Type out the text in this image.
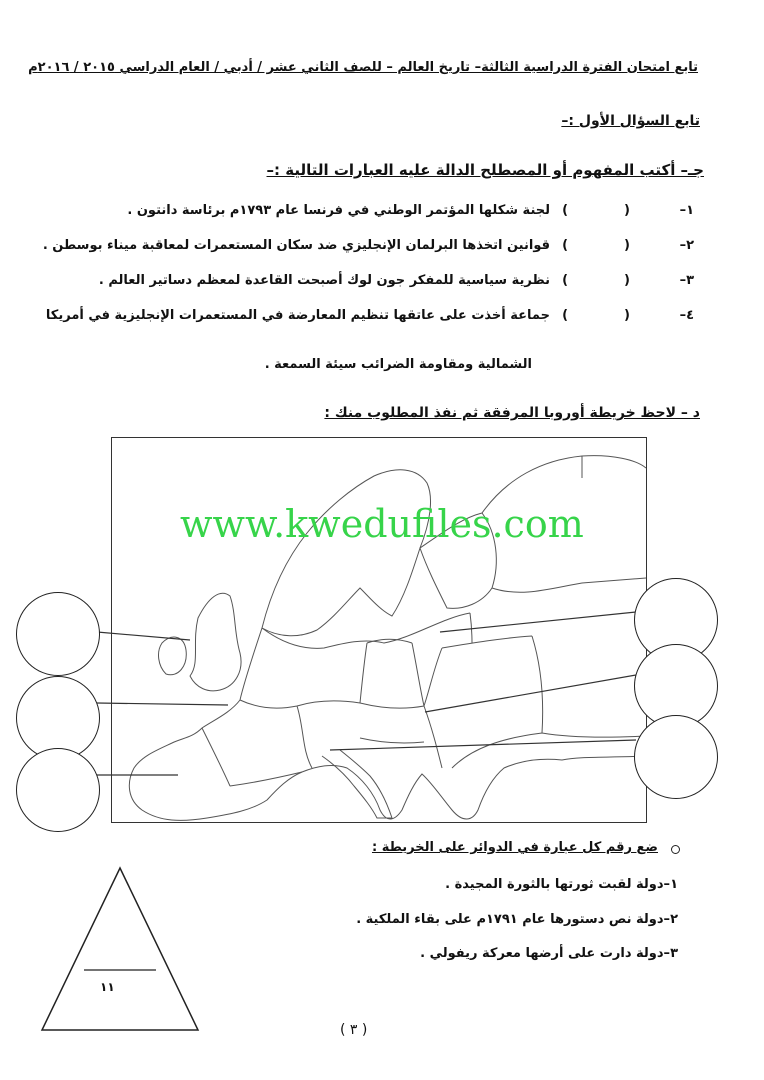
تابع امتحان الفترة الدراسية الثالثة– تاريخ العالم – للصف الثاني عشر / أدبي / العام الدراسي ٢٠١٥ / ٢٠١٦م
تابع السؤال الأول :–
جـ– أكتب المفهوم أو المصطلح الدالة عليه العبارات التالية :–
١–
()
لجنة شكلها المؤتمر الوطني في فرنسا عام ١٧٩٣م برئاسة دانتون .
٢–
()
قوانين اتخذها البرلمان الإنجليزي ضد سكان المستعمرات لمعاقبة ميناء بوسطن .
٣–
()
نظرية سياسية للمفكر جون لوك أصبحت القاعدة لمعظم دساتير العالم .
٤–
()
جماعة أخذت على عاتقها تنظيم المعارضة في المستعمرات الإنجليزية في أمريكا
الشمالية ومقاومة الضرائب سيئة السمعة .
د – لاحظ خريطة أوروبا المرفقة ثم نفذ المطلوب منك :
www.kwedufiles.com
ضع رقم كل عبارة في الدوائر على الخريطة :
١–دولة لقبت ثورتها بالثورة المجيدة .
٢–دولة نص دستورها عام ١٧٩١م على بقاء الملكية .
٣–دولة دارت على أرضها معركة ريفولي .
١١
( ٣ )
